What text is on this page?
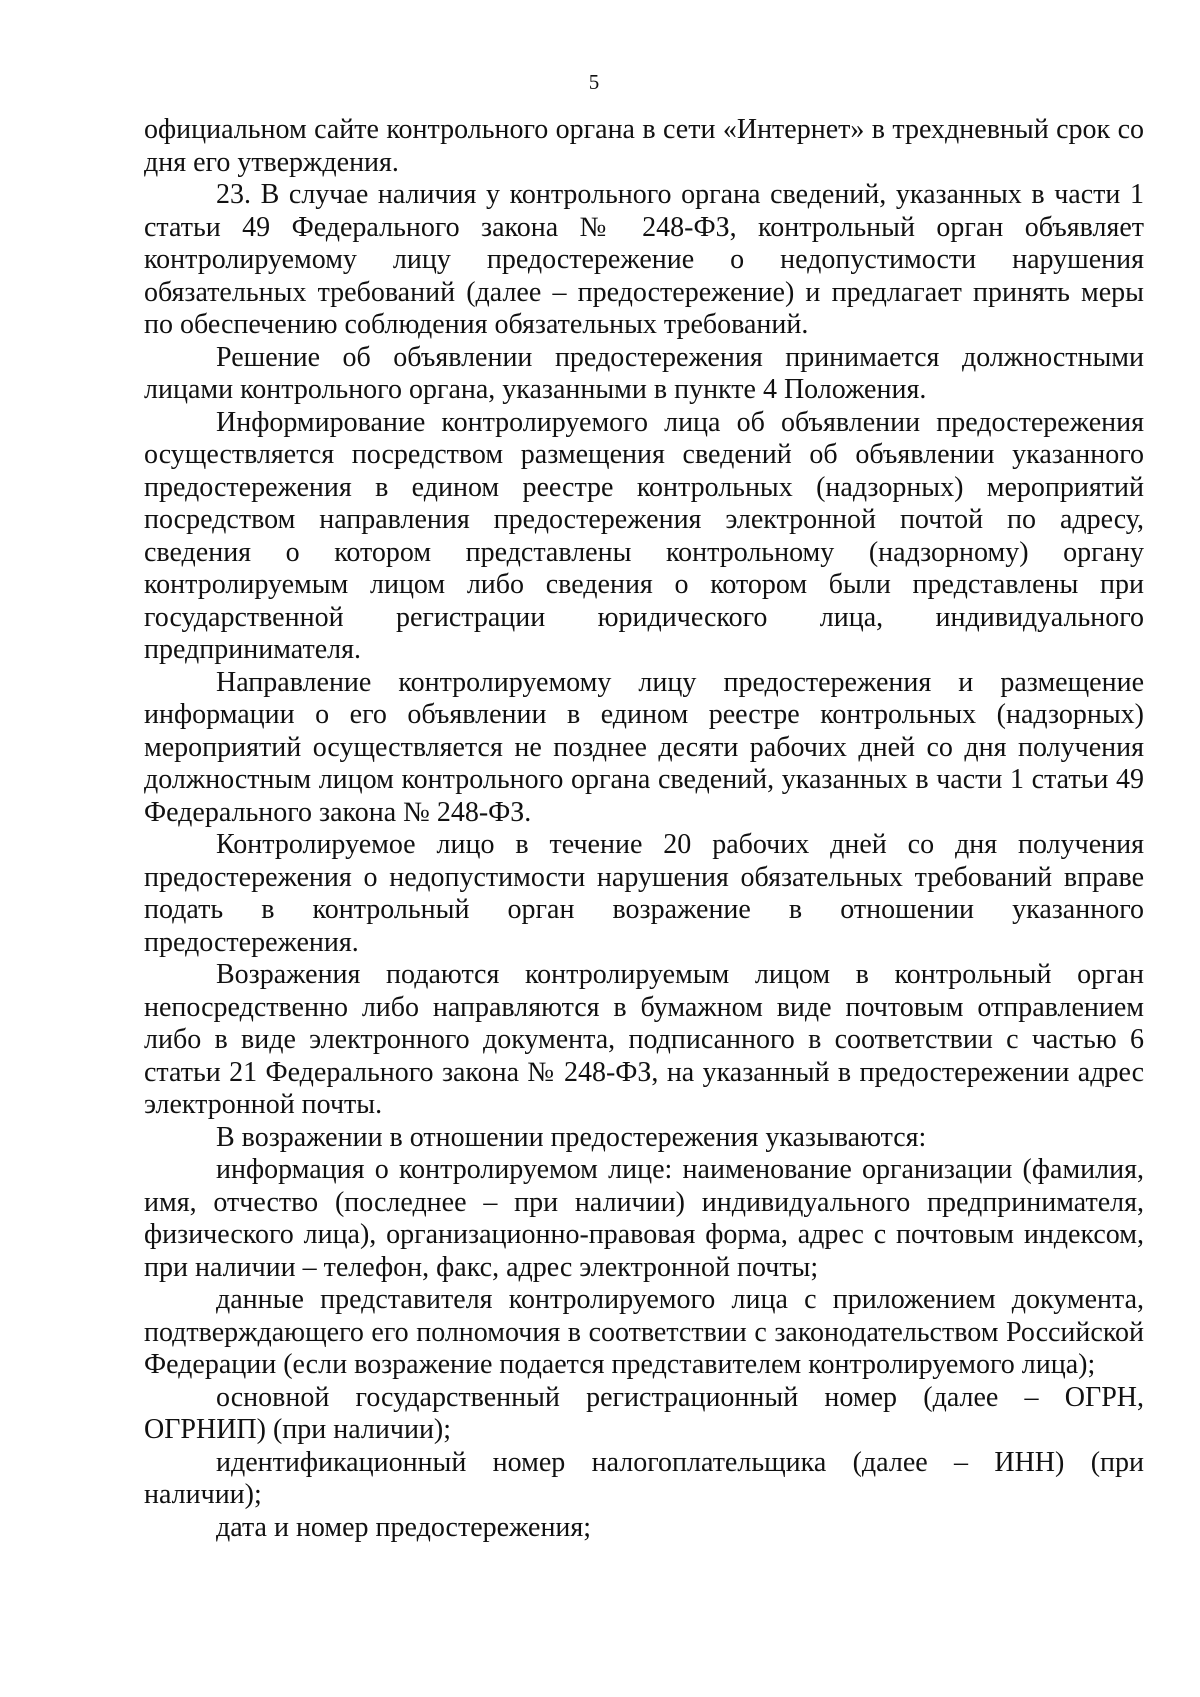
5

официальном сайте контрольного органа в сети «Интернет» в трехдневный срок со дня его утверждения.

23. В случае наличия у контрольного органа сведений, указанных в части 1 статьи 49 Федерального закона № 248-ФЗ, контрольный орган объявляет контролируемому лицу предостережение о недопустимости нарушения обязательных требований (далее – предостережение) и предлагает принять меры по обеспечению соблюдения обязательных требований.

Решение об объявлении предостережения принимается должностными лицами контрольного органа, указанными в пункте 4 Положения.

Информирование контролируемого лица об объявлении предостережения осуществляется посредством размещения сведений об объявлении указанного предостережения в едином реестре контрольных (надзорных) мероприятий посредством направления предостережения электронной почтой по адресу, сведения о котором представлены контрольному (надзорному) органу контролируемым лицом либо сведения о котором были представлены при государственной регистрации юридического лица, индивидуального предпринимателя.

Направление контролируемому лицу предостережения и размещение информации о его объявлении в едином реестре контрольных (надзорных) мероприятий осуществляется не позднее десяти рабочих дней со дня получения должностным лицом контрольного органа сведений, указанных в части 1 статьи 49 Федерального закона № 248-ФЗ.

Контролируемое лицо в течение 20 рабочих дней со дня получения предостережения о недопустимости нарушения обязательных требований вправе подать в контрольный орган возражение в отношении указанного предостережения.

Возражения подаются контролируемым лицом в контрольный орган непосредственно либо направляются в бумажном виде почтовым отправлением либо в виде электронного документа, подписанного в соответствии с частью 6 статьи 21 Федерального закона № 248-ФЗ, на указанный в предостережении адрес электронной почты.

В возражении в отношении предостережения указываются:

информация о контролируемом лице: наименование организации (фамилия, имя, отчество (последнее – при наличии) индивидуального предпринимателя, физического лица), организационно-правовая форма, адрес с почтовым индексом, при наличии – телефон, факс, адрес электронной почты;

данные представителя контролируемого лица с приложением документа, подтверждающего его полномочия в соответствии с законодательством Российской Федерации (если возражение подается представителем контролируемого лица);

основной государственный регистрационный номер (далее – ОГРН, ОГРНИП) (при наличии);

идентификационный номер налогоплательщика (далее – ИНН) (при наличии);

дата и номер предостережения;
